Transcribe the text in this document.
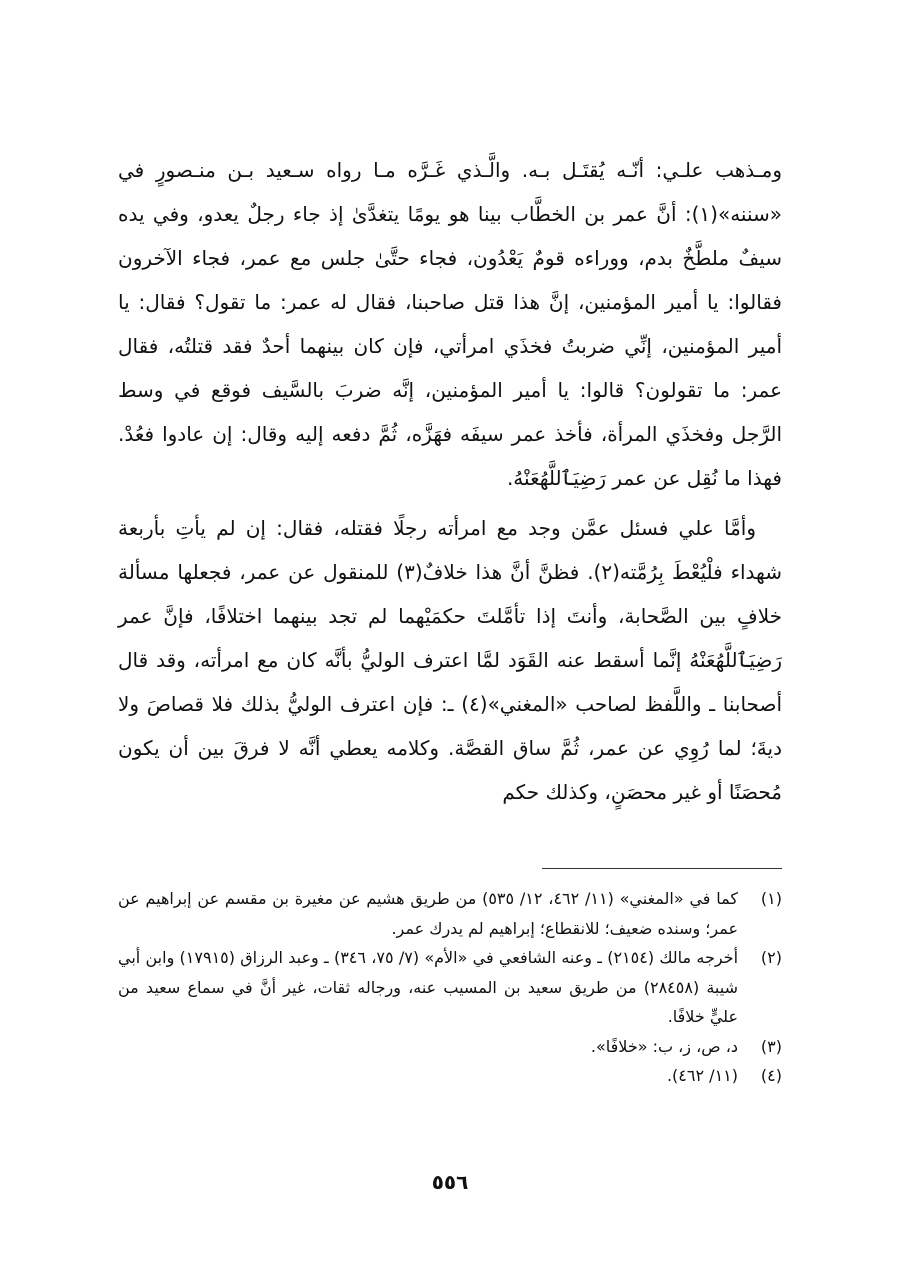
ومـذهب علـي: أنّـه يُقتَـل بـه. والَّـذي غَـرَّه مـا رواه سـعيد بـن منـصورٍ في «سننه»(١): أنَّ عمر بن الخطَّاب بينا هو يومًا يتغدَّىٰ إذ جاء رجلٌ يعدو، وفي يده سيفٌ ملطَّخٌ بدم، ووراءه قومٌ يَعْدُون، فجاء حتَّىٰ جلس مع عمر، فجاء الآخرون فقالوا: يا أمير المؤمنين، إنَّ هذا قتل صاحبنا، فقال له عمر: ما تقول؟ فقال: يا أمير المؤمنين، إنِّي ضربتُ فخذَي امرأتي، فإن كان بينهما أحدٌ فقد قتلتُه، فقال عمر: ما تقولون؟ قالوا: يا أمير المؤمنين، إنَّه ضربَ بالسَّيف فوقع في وسط الرَّجل وفخذَي المرأة، فأخذ عمر سيفَه فهَزَّه، ثُمَّ دفعه إليه وقال: إن عادوا فعُدْ. فهذا ما نُقِل عن عمر رَضِيَٱللَّهُعَنْهُ.

وأمَّا علي فسئل عمَّن وجد مع امرأته رجلًا فقتله، فقال: إن لم يأتِ بأربعة شهداء فلْيُعْطَ بِرُمَّته(٢). فظنَّ أنَّ هذا خلافٌ(٣) للمنقول عن عمر، فجعلها مسألة خلافٍ بين الصَّحابة، وأنتَ إذا تأمَّلتَ حكمَيْهما لم تجد بينهما اختلافًا، فإنَّ عمر رَضِيَٱللَّهُعَنْهُ إنَّما أسقط عنه القَوَد لمَّا اعترف الوليُّ بأنَّه كان مع امرأته، وقد قال أصحابنا ـ واللَّفظ لصاحب «المغني»(٤) ـ: فإن اعترف الوليُّ بذلك فلا قصاصَ ولا ديةَ؛ لما رُوِي عن عمر، ثُمَّ ساق القصَّة. وكلامه يعطي أنَّه لا فرقَ بين أن يكون مُحصَنًا أو غير محصَنٍ، وكذلك حكم

(١)
كما في «المغني» (١١/ ٤٦٢، ١٢/ ٥٣٥) من طريق هشيم عن مغيرة بن مقسم عن إبراهيم عن عمر؛ وسنده ضعيف؛ للانقطاع؛ إبراهيم لم يدرك عمر.
(٢)
أخرجه مالك (٢١٥٤) ـ وعنه الشافعي في «الأم» (٧/ ٧٥، ٣٤٦) ـ وعبد الرزاق (١٧٩١٥) وابن أبي شيبة (٢٨٤٥٨) من طريق سعيد بن المسيب عنه، ورجاله ثقات، غير أنَّ في سماع سعيد من عليٍّ خلافًا.
(٣)
د، ص، ز، ب: «خلافًا».
(٤)
(١١/ ٤٦٢).
٥٥٦
